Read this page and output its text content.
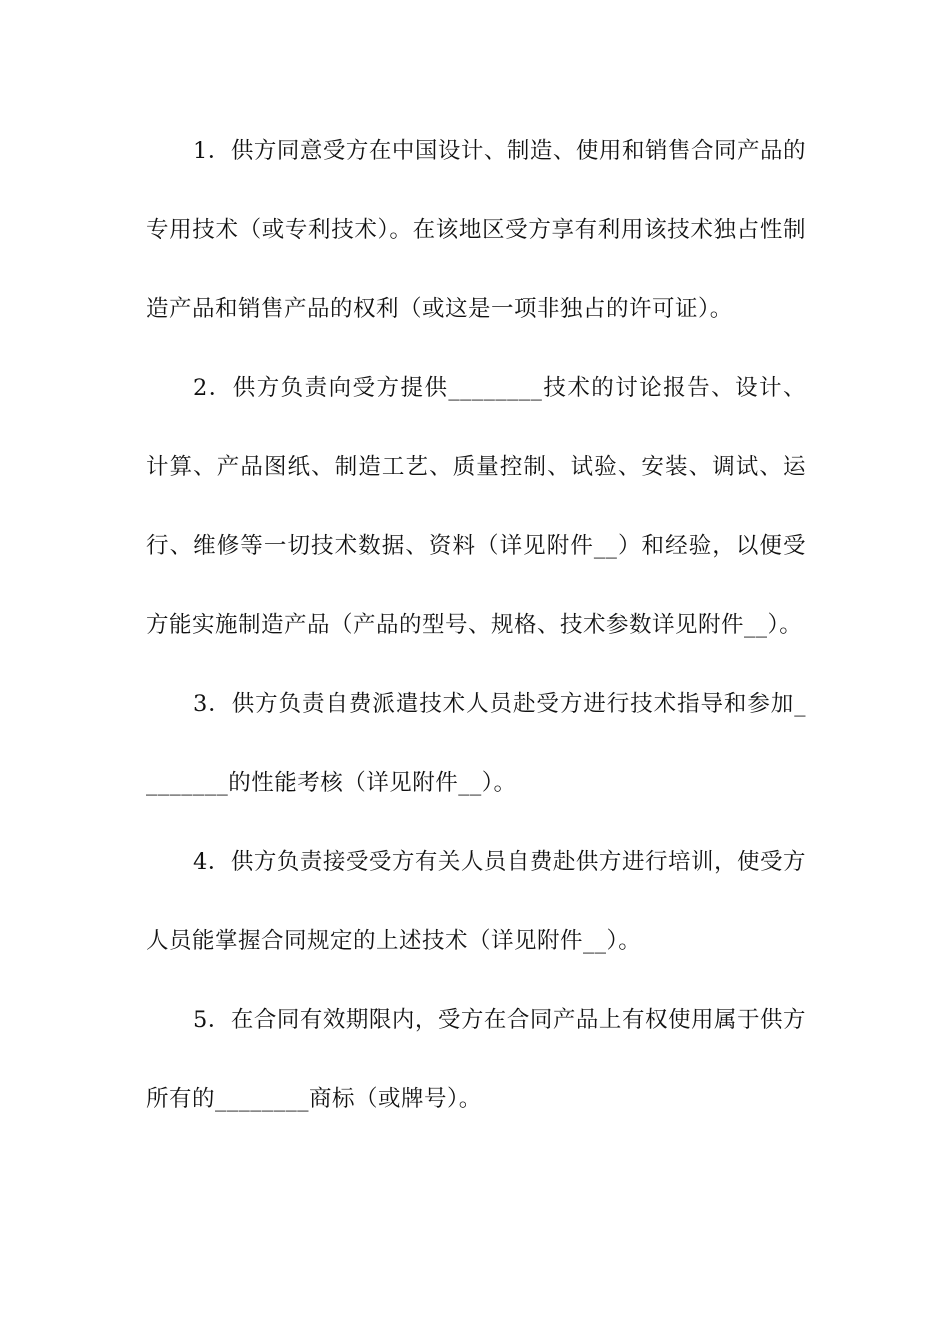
1．供方同意受方在中国设计、制造、使用和销售合同产品的专用技术（或专利技术）。在该地区受方享有利用该技术独占性制造产品和销售产品的权利（或这是一项非独占的许可证）。

2．供方负责向受方提供________技术的讨论报告、设计、计算、产品图纸、制造工艺、质量控制、试验、安装、调试、运行、维修等一切技术数据、资料（详见附件__）和经验，以便受方能实施制造产品（产品的型号、规格、技术参数详见附件__）。

3．供方负责自费派遣技术人员赴受方进行技术指导和参加________的性能考核（详见附件__）。

4．供方负责接受受方有关人员自费赴供方进行培训，使受方人员能掌握合同规定的上述技术（详见附件__）。

5．在合同有效期限内，受方在合同产品上有权使用属于供方所有的________商标（或牌号）。
